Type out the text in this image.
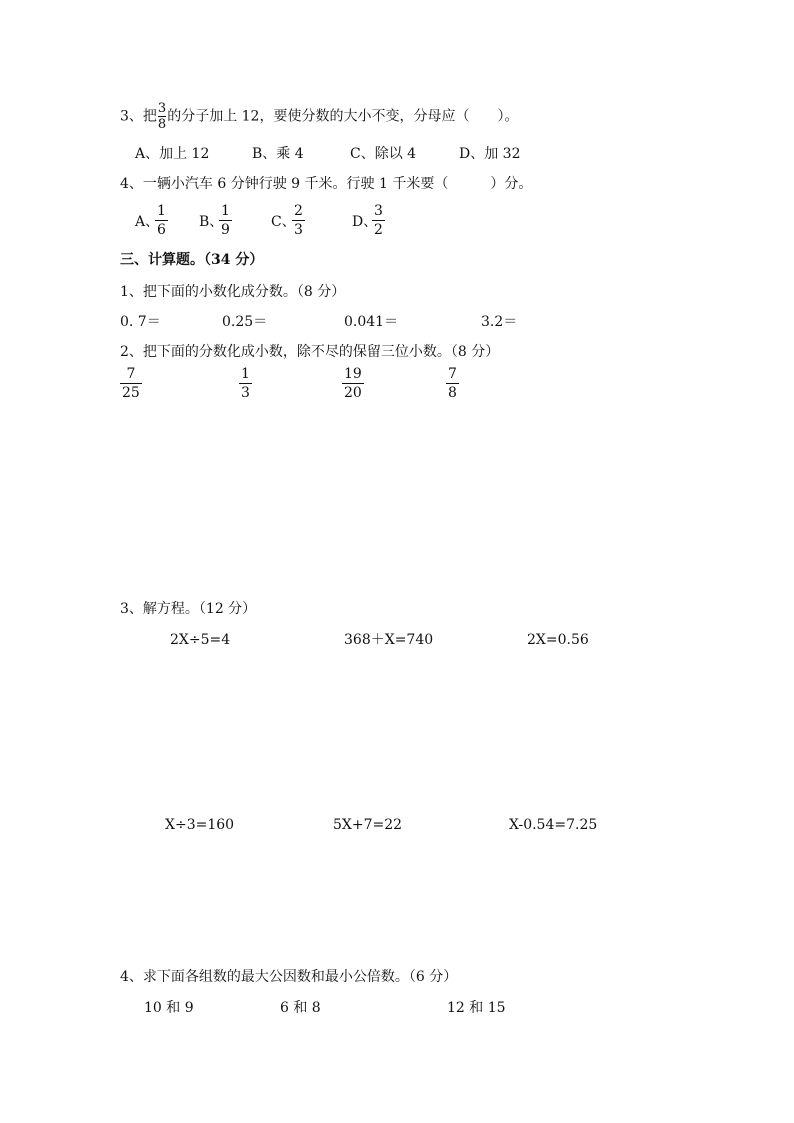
3、把 $\frac{3}{8}$ 的分子加上 12，要使分数的大小不变，分母应（　　）。
A、加上 12	B、乘 4	C、除以 4	D、加 32
4、一辆小汽车 6 分钟行驶 9 千米。行驶 1 千米要（　　　）分。
A、
$\frac{1}{6}$ B、
$\frac{1}{9}$	C、
$\frac{2}{3}$	D、
$\frac{3}{2}$
三、计算题。（34 分）
1、把下面的小数化成分数。（8 分）
0. 7＝	0.25＝	0.041＝	3.2＝
2、把下面的分数化成小数，除不尽的保留三位小数。（8 分）
$\frac{7}{25}$	$\frac{1}{3}$	$\frac{19}{20}$	$\frac{7}{8}$
3、解方程。（12 分）
2X÷5=4	368＋X=740	2X=0.56
X÷3=160	5X+7=22	X-0.54=7.25
4、求下面各组数的最大公因数和最小公倍数。（6 分）
10 和 9	6 和 8	12 和 15
